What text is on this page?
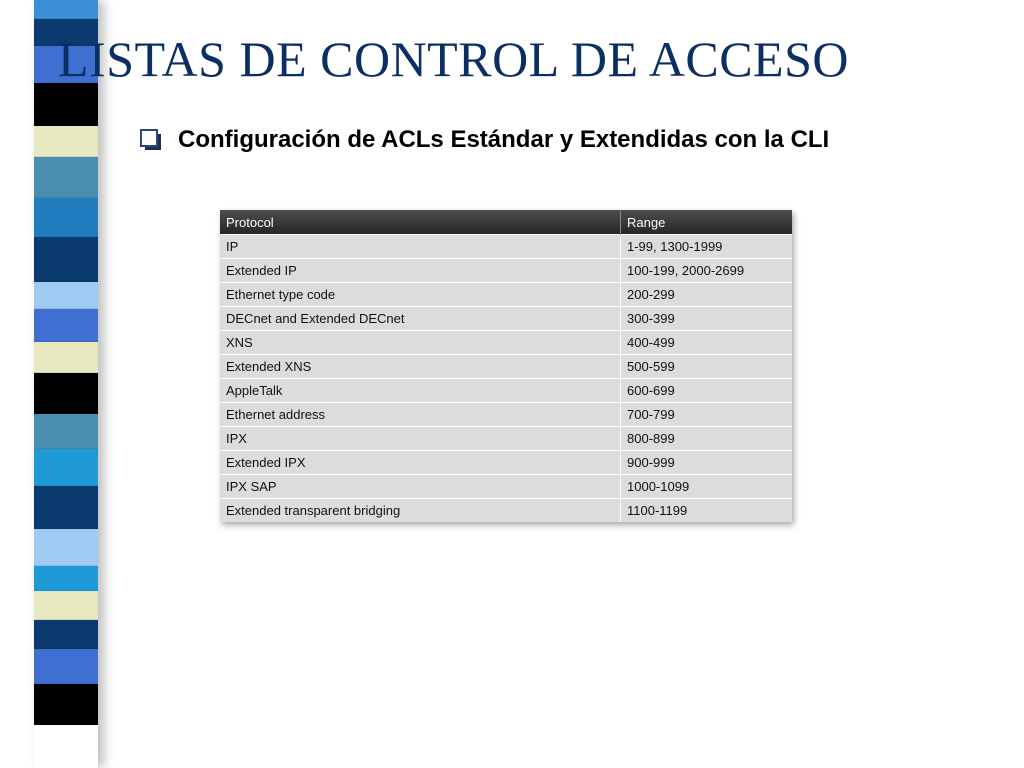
LISTAS DE CONTROL DE ACCESO
Configuración de ACLs Estándar y Extendidas con la CLI
Protocol	Range
IP	1-99, 1300-1999
Extended IP	100-199, 2000-2699
Ethernet type code	200-299
DECnet and Extended DECnet	300-399
XNS	400-499
Extended XNS	500-599
AppleTalk	600-699
Ethernet address	700-799
IPX	800-899
Extended IPX	900-999
IPX SAP	1000-1099
Extended transparent bridging	1100-1199
